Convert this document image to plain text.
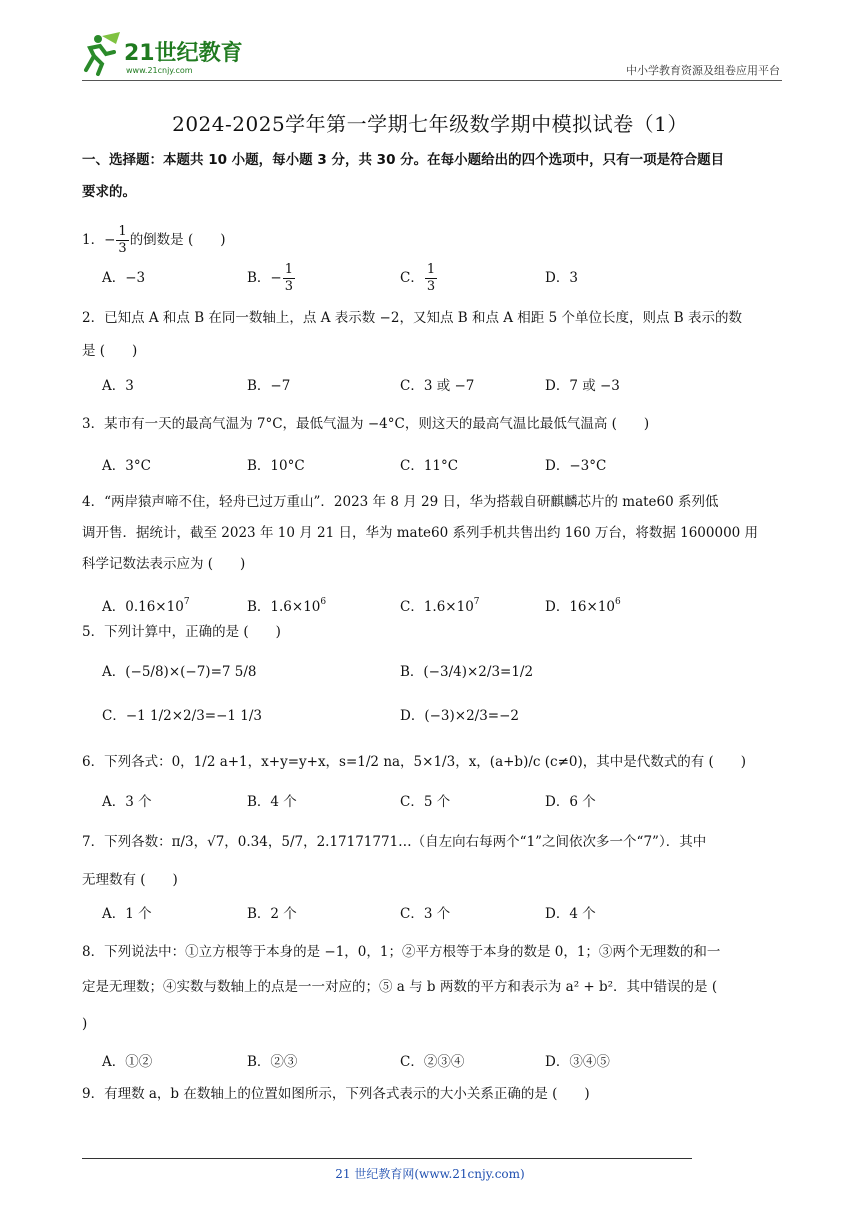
21世纪教育
www.21cnjy.com	中小学教育资源及组卷应用平台
2024-2025学年第一学期七年级数学期中模拟试卷（1）
一、选择题：本题共 10 小题，每小题 3 分，共 30 分。在每小题给出的四个选项中，只有一项是符合题目
要求的。
1．− $\frac{1}{3}$ 的倒数是 (　　)
A．−3	B．− $\frac{1}{3}$	C． $\frac{1}{3}$	D．3
2．已知点 A 和点 B 在同一数轴上，点 A 表示数 −2，又知点 B 和点 A 相距 5 个单位长度，则点 B 表示的数
是 (　　)
A．3	B．−7	C．3 或 −7	D．7 或 −3
3．某市有一天的最高气温为 7°C，最低气温为 −4°C，则这天的最高气温比最低气温高 (　　)
A．3°C	B．10°C	C．11°C	D．−3°C
4．“两岸猿声啼不住，轻舟已过万重山”．2023 年 8 月 29 日，华为搭载自研麒麟芯片的 mate60 系列低
调开售．据统计，截至 2023 年 10 月 21 日，华为 mate60 系列手机共售出约 160 万台，将数据 1600000 用
科学记数法表示应为 (　　)
A．$0.16\times 10^7$	B．$1.6\times 10^6$	C．$1.6\times 10^7$	D．$16\times 10^6$
5．下列计算中，正确的是 (　　)
A．(−5/8)×(−7)=7 5/8	B．(−3/4)×2/3=1/2
C．−1 1/2×2/3=−1 1/3	D．(−3)×2/3=−2
6．下列各式：0，1/2 a+1，x+y=y+x，s=1/2 na，5×1/3，x，(a+b)/c (c≠0)，其中是代数式的有 (　　)
A．3 个	B．4 个	C．5 个	D．6 个
7．下列各数：π/3，√7，0.34，5/7，2.17171771…（自左向右每两个“1”之间依次多一个“7”）．其中
无理数有 (　　)
A．1 个	B．2 个	C．3 个	D．4 个
8．下列说法中：①立方根等于本身的是 −1，0，1；②平方根等于本身的数是 0，1；③两个无理数的和一
定是无理数；④实数与数轴上的点是一一对应的；⑤ a 与 b 两数的平方和表示为 a² + b²．其中错误的是 (
)
A．①②	B．②③	C．②③④	D．③④⑤
9．有理数 a，b 在数轴上的位置如图所示，下列各式表示的大小关系正确的是 (　　)
21 世纪教育网(www.21cnjy.com)
